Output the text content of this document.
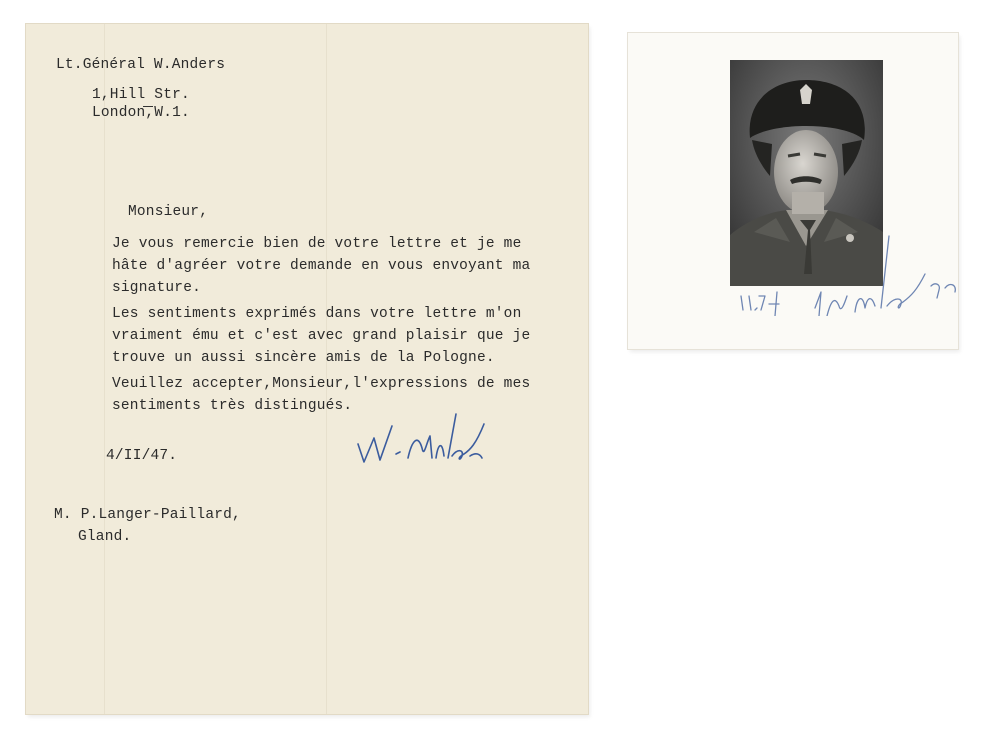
Lt.Général W.Anders
1,Hill Str.
London,W.1.
Monsieur,
Je vous remercie bien de votre lettre et je me
hâte d'agréer votre demande en vous envoyant ma
signature.
Les sentiments exprimés dans votre lettre m'on
vraiment ému et c'est avec grand plaisir que je
trouve un aussi sincère amis de la Pologne.
Veuillez accepter,Monsieur,l'expressions de mes
sentiments très distingués.
4/II/47.
M. P.Langer-Paillard,
Gland.
